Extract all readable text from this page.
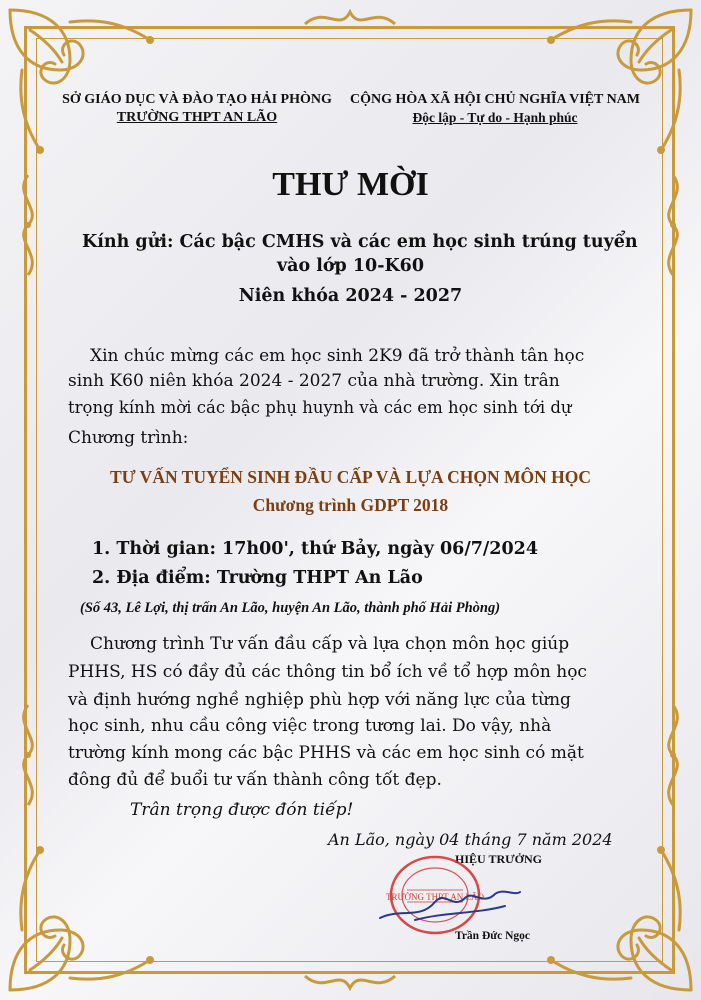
SỞ GIÁO DỤC VÀ ĐÀO TẠO HẢI PHÒNG
TRƯỜNG THPT AN LÃO
CỘNG HÒA XÃ HỘI CHỦ NGHĨA VIỆT NAM
Độc lập - Tự do - Hạnh phúc
THƯ MỜI
Kính gửi: Các bậc CMHS và các em học sinh trúng tuyển
vào lớp 10-K60
Niên khóa 2024 - 2027
Xin chúc mừng các em học sinh 2K9 đã trở thành tân học
sinh K60 niên khóa 2024 - 2027 của nhà trường. Xin trân
trọng kính mời các bậc phụ huynh và các em học sinh tới dự
Chương trình:
TƯ VẤN TUYỂN SINH ĐẦU CẤP VÀ LỰA CHỌN MÔN HỌC
Chương trình GDPT 2018
1. Thời gian: 17h00', thứ Bảy, ngày 06/7/2024
2. Địa điểm: Trường THPT An Lão
(Số 43, Lê Lợi, thị trấn An Lão, huyện An Lão, thành phố Hải Phòng)
Chương trình Tư vấn đầu cấp và lựa chọn môn học giúp
PHHS, HS có đầy đủ các thông tin bổ ích về tổ hợp môn học
và định hướng nghề nghiệp phù hợp với năng lực của từng
học sinh, nhu cầu công việc trong tương lai. Do vậy, nhà
trường kính mong các bậc PHHS và các em học sinh có mặt
đông đủ để buổi tư vấn thành công tốt đẹp.
Trân trọng được đón tiếp!
An Lão, ngày 04 tháng 7 năm 2024
HIỆU TRƯỞNG
TRƯỜNG THPT AN LÃO
Trần Đức Ngọc
